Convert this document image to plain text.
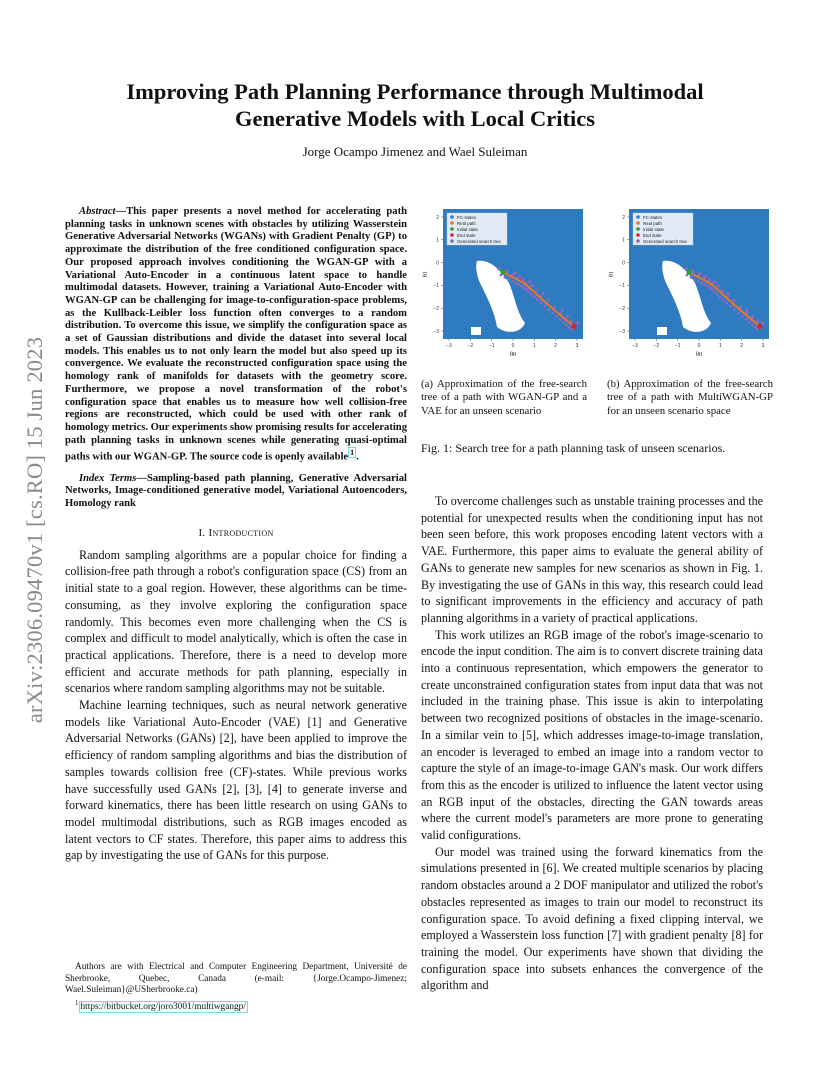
arXiv:2306.09470v1 [cs.RO] 15 Jun 2023
Improving Path Planning Performance through Multimodal Generative Models with Local Critics
Jorge Ocampo Jimenez and Wael Suleiman

Abstract—This paper presents a novel method for accelerating path planning tasks in unknown scenes with obstacles by utilizing Wasserstein Generative Adversarial Networks (WGANs) with Gradient Penalty (GP) to approximate the distribution of the free conditioned configuration space. Our proposed approach involves conditioning the WGAN-GP with a Variational Auto-Encoder in a continuous latent space to handle multimodal datasets. However, training a Variational Auto-Encoder with WGAN-GP can be challenging for image-to-configuration-space problems, as the Kullback-Leibler loss function often converges to a random distribution. To overcome this issue, we simplify the configuration space as a set of Gaussian distributions and divide the dataset into several local models. This enables us to not only learn the model but also speed up its convergence. We evaluate the reconstructed configuration space using the homology rank of manifolds for datasets with the geometry score. Furthermore, we propose a novel transformation of the robot's configuration space that enables us to measure how well collision-free regions are reconstructed, which could be used with other rank of homology metrics. Our experiments show promising results for accelerating path planning tasks in unknown scenes while generating quasi-optimal paths with our WGAN-GP. The source code is openly available $^1$ .

Index Terms—Sampling-based path planning, Generative Adversarial Networks, Image-conditioned generative model, Variational Autoencoders, Homology rank

I. Introduction

Random sampling algorithms are a popular choice for finding a collision-free path through a robot's configuration space (CS) from an initial state to a goal region. However, these algorithms can be time-consuming, as they involve exploring the configuration space randomly. This becomes even more challenging when the CS is complex and difficult to model analytically, which is often the case in practical applications. Therefore, there is a need to develop more efficient and accurate methods for path planning, especially in scenarios where random sampling algorithms may not be suitable.

Machine learning techniques, such as neural network generative models like Variational Auto-Encoder (VAE) [1] and Generative Adversarial Networks (GANs) [2], have been applied to improve the efficiency of random sampling algorithms and bias the distribution of samples towards collision free (CF)-states. While previous works have successfully used GANs [2], [3], [4] to generate inverse and forward kinematics, there has been little research on using GANs to model multimodal distributions, such as RGB images encoded as latent vectors to CF states. Therefore, this paper aims to address this gap by investigating the use of GANs for this purpose.

Authors are with Electrical and Computer Engineering Department, Université de Sherbrooke, Quebec, Canada (e-mail: {Jorge.Ocampo-Jimenez; Wael.Suleiman}@USherbrooke.ca)

$^1$ https://bitbucket.org/joro3001/multiwgangp/

FC-states
Real path
Initial state
End state
Generated search tree
−3	−2	−1	0	1	2	3
2
1
0
−1
−2
−3
θ0
θ1

(a) Approximation of the free-search tree of a path with WGAN-GP and a VAE for an unseen scenario

FC-states
Real path
Initial state
End state
Generated search tree
−3	−2	−1	0	1	2	3
2
1
0
−1
−2
−3
θ0
θ1

(b) Approximation of the free-search tree of a path with MultiWGAN-GP for an unseen scenario space

Fig. 1: Search tree for a path planning task of unseen scenarios.

To overcome challenges such as unstable training processes and the potential for unexpected results when the conditioning input has not been seen before, this work proposes encoding latent vectors with a VAE. Furthermore, this paper aims to evaluate the general ability of GANs to generate new samples for new scenarios as shown in Fig. 1. By investigating the use of GANs in this way, this research could lead to significant improvements in the efficiency and accuracy of path planning algorithms in a variety of practical applications.

This work utilizes an RGB image of the robot's image-scenario to encode the input condition. The aim is to convert discrete training data into a continuous representation, which empowers the generator to create unconstrained configuration states from input data that was not included in the training phase. This issue is akin to interpolating between two recognized positions of obstacles in the image-scenario. In a similar vein to [5], which addresses image-to-image translation, an encoder is leveraged to embed an image into a random vector to capture the style of an image-to-image GAN's mask. Our work differs from this as the encoder is utilized to influence the latent vector using an RGB input of the obstacles, directing the GAN towards areas where the current model's parameters are more prone to generating valid configurations.

Our model was trained using the forward kinematics from the simulations presented in [6]. We created multiple scenarios by placing random obstacles around a 2 DOF manipulator and utilized the robot's obstacles represented as images to train our model to reconstruct its configuration space. To avoid defining a fixed clipping interval, we employed a Wasserstein loss function [7] with gradient penalty [8] for training the model. Our experiments have shown that dividing the configuration space into subsets enhances the convergence of the algorithm and
